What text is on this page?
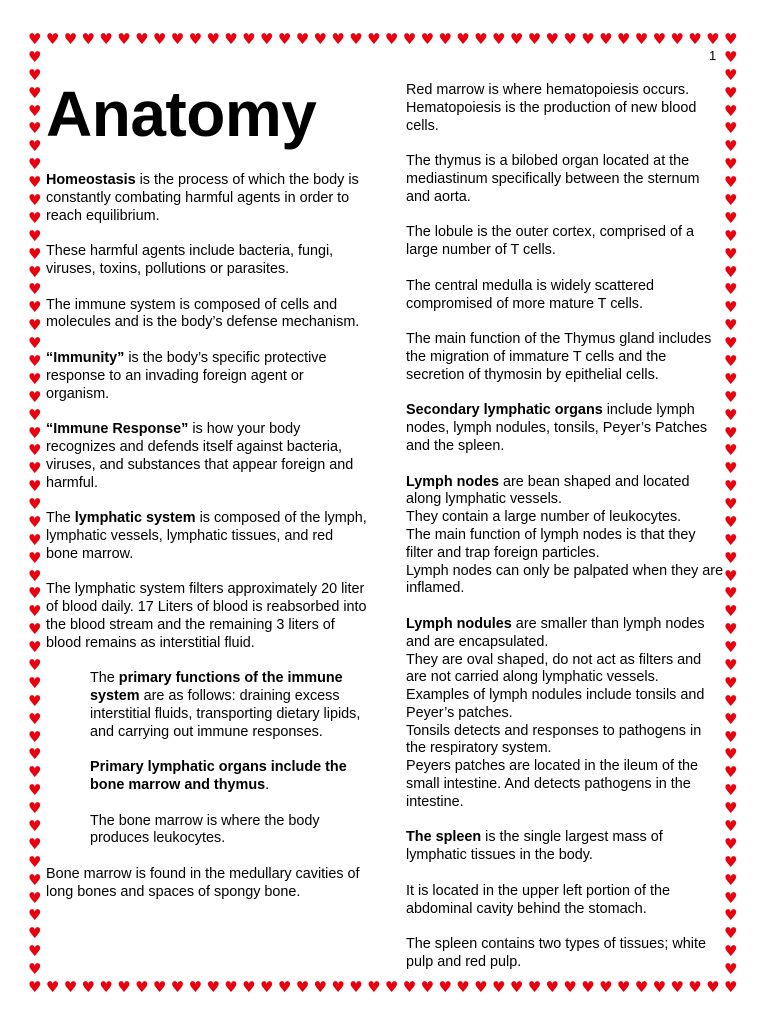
♥
♥
♥
♥
♥
♥
♥
♥
♥
♥
♥
♥
♥
♥
♥
♥
♥
♥
♥
♥
♥
♥
♥
♥
♥
♥
♥
♥
♥
♥
♥
♥
♥
♥
♥
♥
♥
♥
♥
♥
♥
♥
♥
♥
♥
♥
♥
♥
♥
♥
♥
♥
♥
♥
♥
♥
♥
♥
♥
♥
♥
♥
♥
♥
♥
♥
♥
♥
♥
♥
♥
♥
♥
♥
♥
♥
♥
♥
♥
♥
♥	♥
♥	♥
♥	♥
♥	♥
♥	♥
♥	♥
♥	♥
♥	♥
♥	♥
♥	♥
♥	♥
♥	♥
♥	♥
♥	♥
♥	♥
♥	♥
♥	♥
♥	♥
♥	♥
♥	♥
♥	♥
♥	♥
♥	♥
♥	♥
♥	♥
♥	♥
♥	♥
♥	♥
♥	♥
♥	♥
♥	♥
♥	♥
♥	♥
♥	♥
♥	♥
♥	♥
♥	♥
♥	♥
♥	♥
♥	♥
♥	♥
♥	♥
♥	♥
♥	♥
♥	♥
♥	♥
♥	♥
♥	♥
♥	♥
♥	♥
♥	♥
♥	♥
1
Anatomy

Homeostasis is the process of which the body is constantly combating harmful agents in order to reach equilibrium.

These harmful agents include bacteria, fungi, viruses, toxins, pollutions or parasites.

The immune system is composed of cells and molecules and is the body’s defense mechanism.

“Immunity” is the body’s specific protective response to an invading foreign agent or organism.

“Immune Response” is how your body recognizes and defends itself against bacteria, viruses, and substances that appear foreign and harmful.

The lymphatic system is composed of the lymph, lymphatic vessels, lymphatic tissues, and red bone marrow.

The lymphatic system filters approximately 20 liter of blood daily. 17 Liters of blood is reabsorbed into the blood stream and the remaining 3 liters of blood remains as interstitial fluid.

The primary functions of the immune system are as follows: draining excess interstitial fluids, transporting dietary lipids, and carrying out immune responses.

Primary lymphatic organs include the bone marrow and thymus.

The bone marrow is where the body produces leukocytes.

Bone marrow is found in the medullary cavities of long bones and spaces of spongy bone.

Red marrow is where hematopoiesis occurs. Hematopoiesis is the production of new blood cells.

The thymus is a bilobed organ located at the mediastinum specifically between the sternum and aorta.

The lobule is the outer cortex, comprised of a large number of T cells.

The central medulla is widely scattered compromised of more mature T cells.

The main function of the Thymus gland includes the migration of immature T cells and the secretion of thymosin by epithelial cells.

Secondary lymphatic organs include lymph nodes, lymph nodules, tonsils, Peyer’s Patches and the spleen.

Lymph nodes are bean shaped and located along lymphatic vessels.

They contain a large number of leukocytes.

The main function of lymph nodes is that they filter and trap foreign particles.

Lymph nodes can only be palpated when they are inflamed.

Lymph nodules are smaller than lymph nodes and are encapsulated.

They are oval shaped, do not act as filters and are not carried along lymphatic vessels.

Examples of lymph nodules include tonsils and Peyer’s patches.

Tonsils detects and responses to pathogens in the respiratory system.

Peyers patches are located in the ileum of the small intestine. And detects pathogens in the intestine.

The spleen is the single largest mass of lymphatic tissues in the body.

It is located in the upper left portion of the abdominal cavity behind the stomach.

The spleen contains two types of tissues; white pulp and red pulp.
